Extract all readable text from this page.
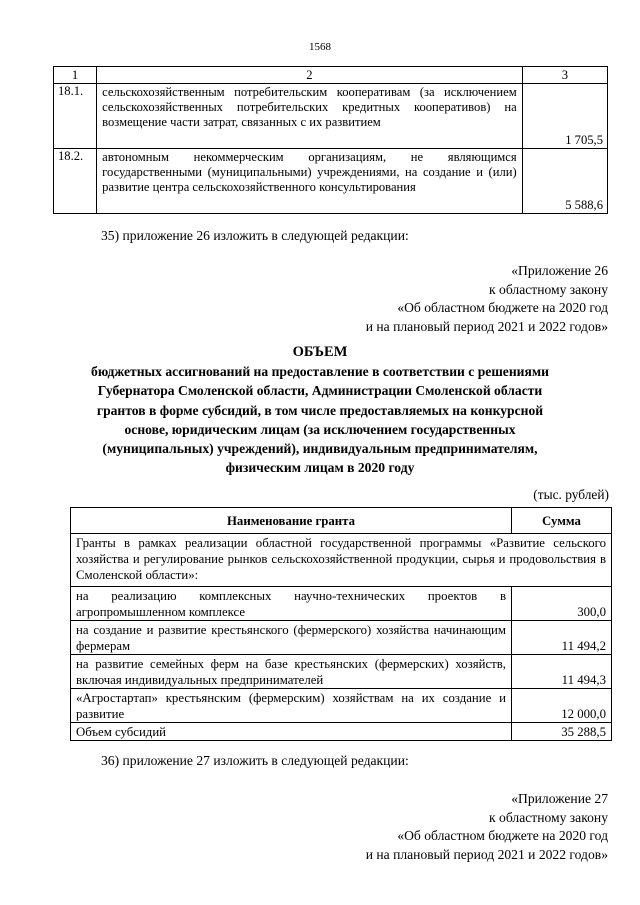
1568
1	2	3
18.1.	сельскохозяйственным потребительским кооперативам (за исключением сельскохозяйственных потребительских кредитных кооперативов) на возмещение части затрат, связанных с их развитием	1 705,5
18.2.	автономным некоммерческим организациям, не являющимся государственными (муниципальными) учреждениями, на создание и (или) развитие центра сельскохозяйственного консультирования	5 588,6
35) приложение 26 изложить в следующей редакции:
«Приложение 26
к областному закону
«Об областном бюджете на 2020 год
и на плановый период 2021 и 2022 годов»
ОБЪЕМ
бюджетных ассигнований на предоставление в соответствии с решениями
Губернатора Смоленской области, Администрации Смоленской области
грантов в форме субсидий, в том числе предоставляемых на конкурсной
основе, юридическим лицам (за исключением государственных
(муниципальных) учреждений), индивидуальным предпринимателям,
физическим лицам в 2020 году
(тыс. рублей)
Наименование гранта	Сумма
Гранты в рамках реализации областной государственной программы «Развитие сельского хозяйства и регулирование рынков сельскохозяйственной продукции, сырья и продовольствия в Смоленской области»:	
на реализацию комплексных научно-технических проектов в агропромышленном комплексе	300,0
на создание и развитие крестьянского (фермерского) хозяйства начинающим фермерам	11 494,2
на развитие семейных ферм на базе крестьянских (фермерских) хозяйств, включая индивидуальных предпринимателей	11 494,3
«Агростартап» крестьянским (фермерским) хозяйствам на их создание и развитие	12 000,0
Объем субсидий	35 288,5
36) приложение 27 изложить в следующей редакции:
«Приложение 27
к областному закону
«Об областном бюджете на 2020 год
и на плановый период 2021 и 2022 годов»
